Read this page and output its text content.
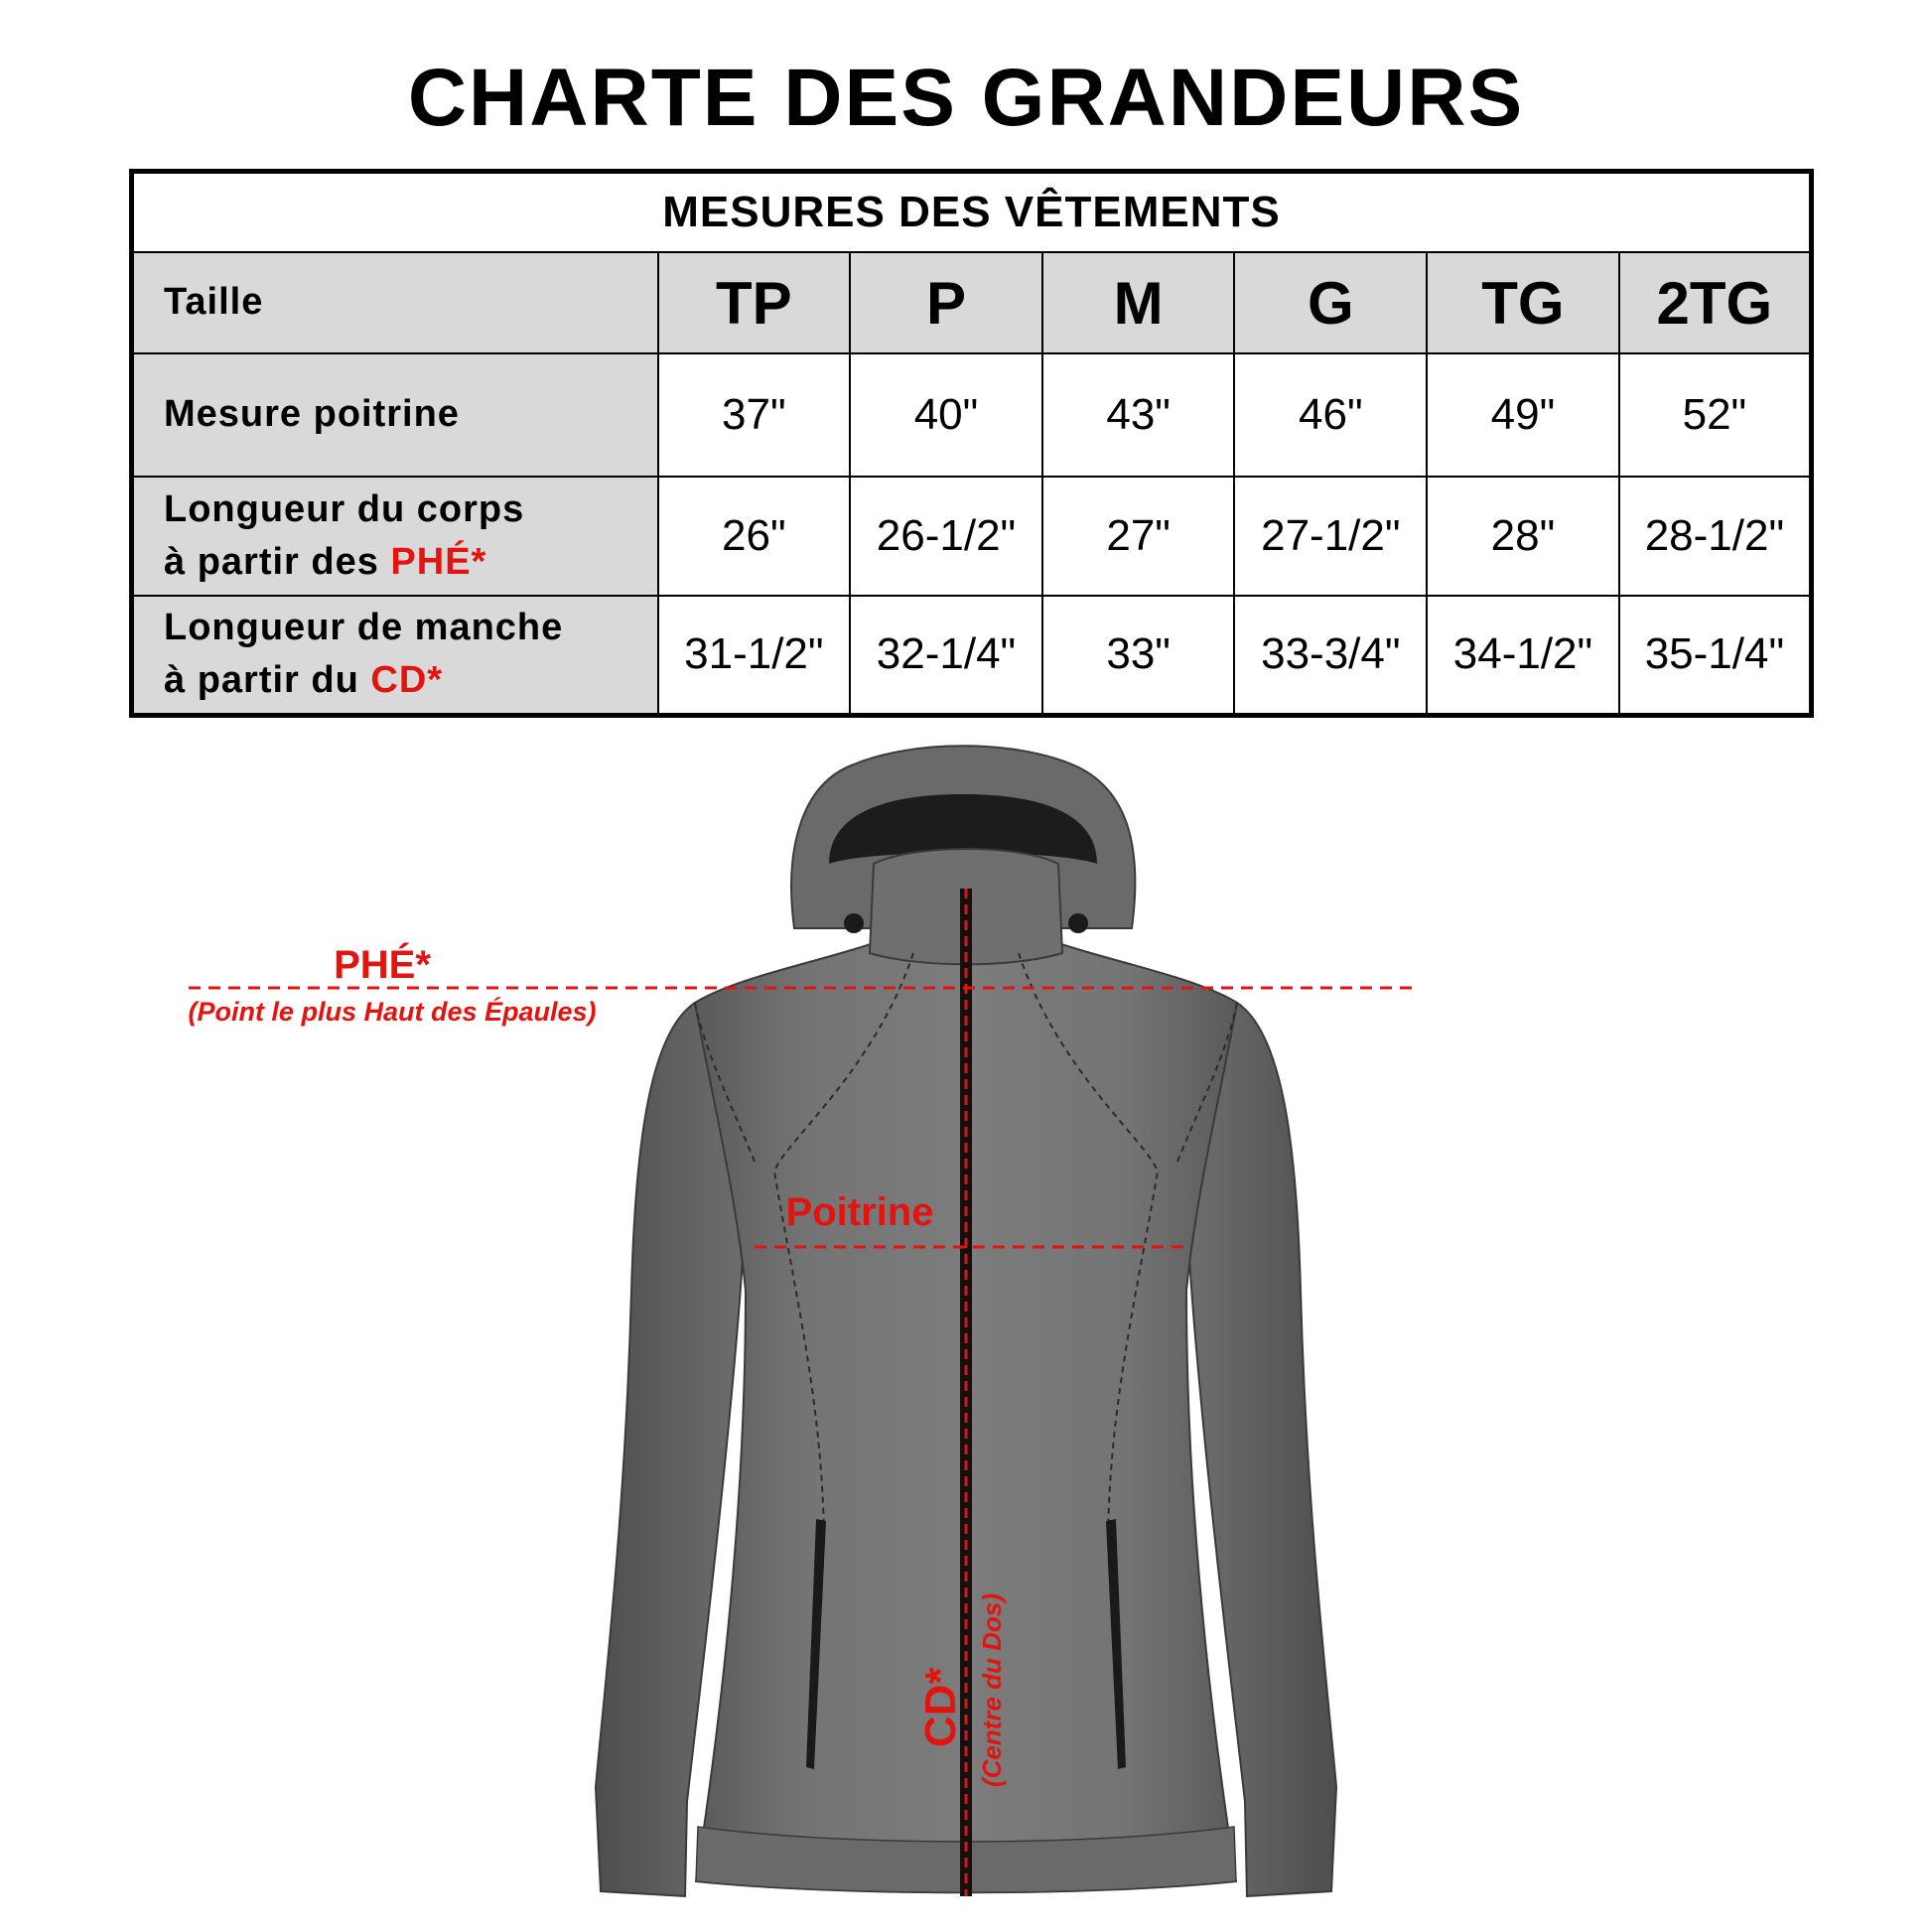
CHARTE DES GRANDEURS
MESURES DES VÊTEMENTS						
Taille	TP	P	M	G	TG	2TG
Mesure poitrine	37"	40"	43"	46"	49"	52"
Longueur du corps
à partir des PHÉ*	26"	26-1/2"	27"	27-1/2"	28"	28-1/2"
Longueur de manche
à partir du CD*	31-1/2"	32-1/4"	33"	33-3/4"	34-1/2"	35-1/4"
PHÉ*
(Point le plus Haut des Épaules)
Poitrine
CD* (Centre du Dos)
